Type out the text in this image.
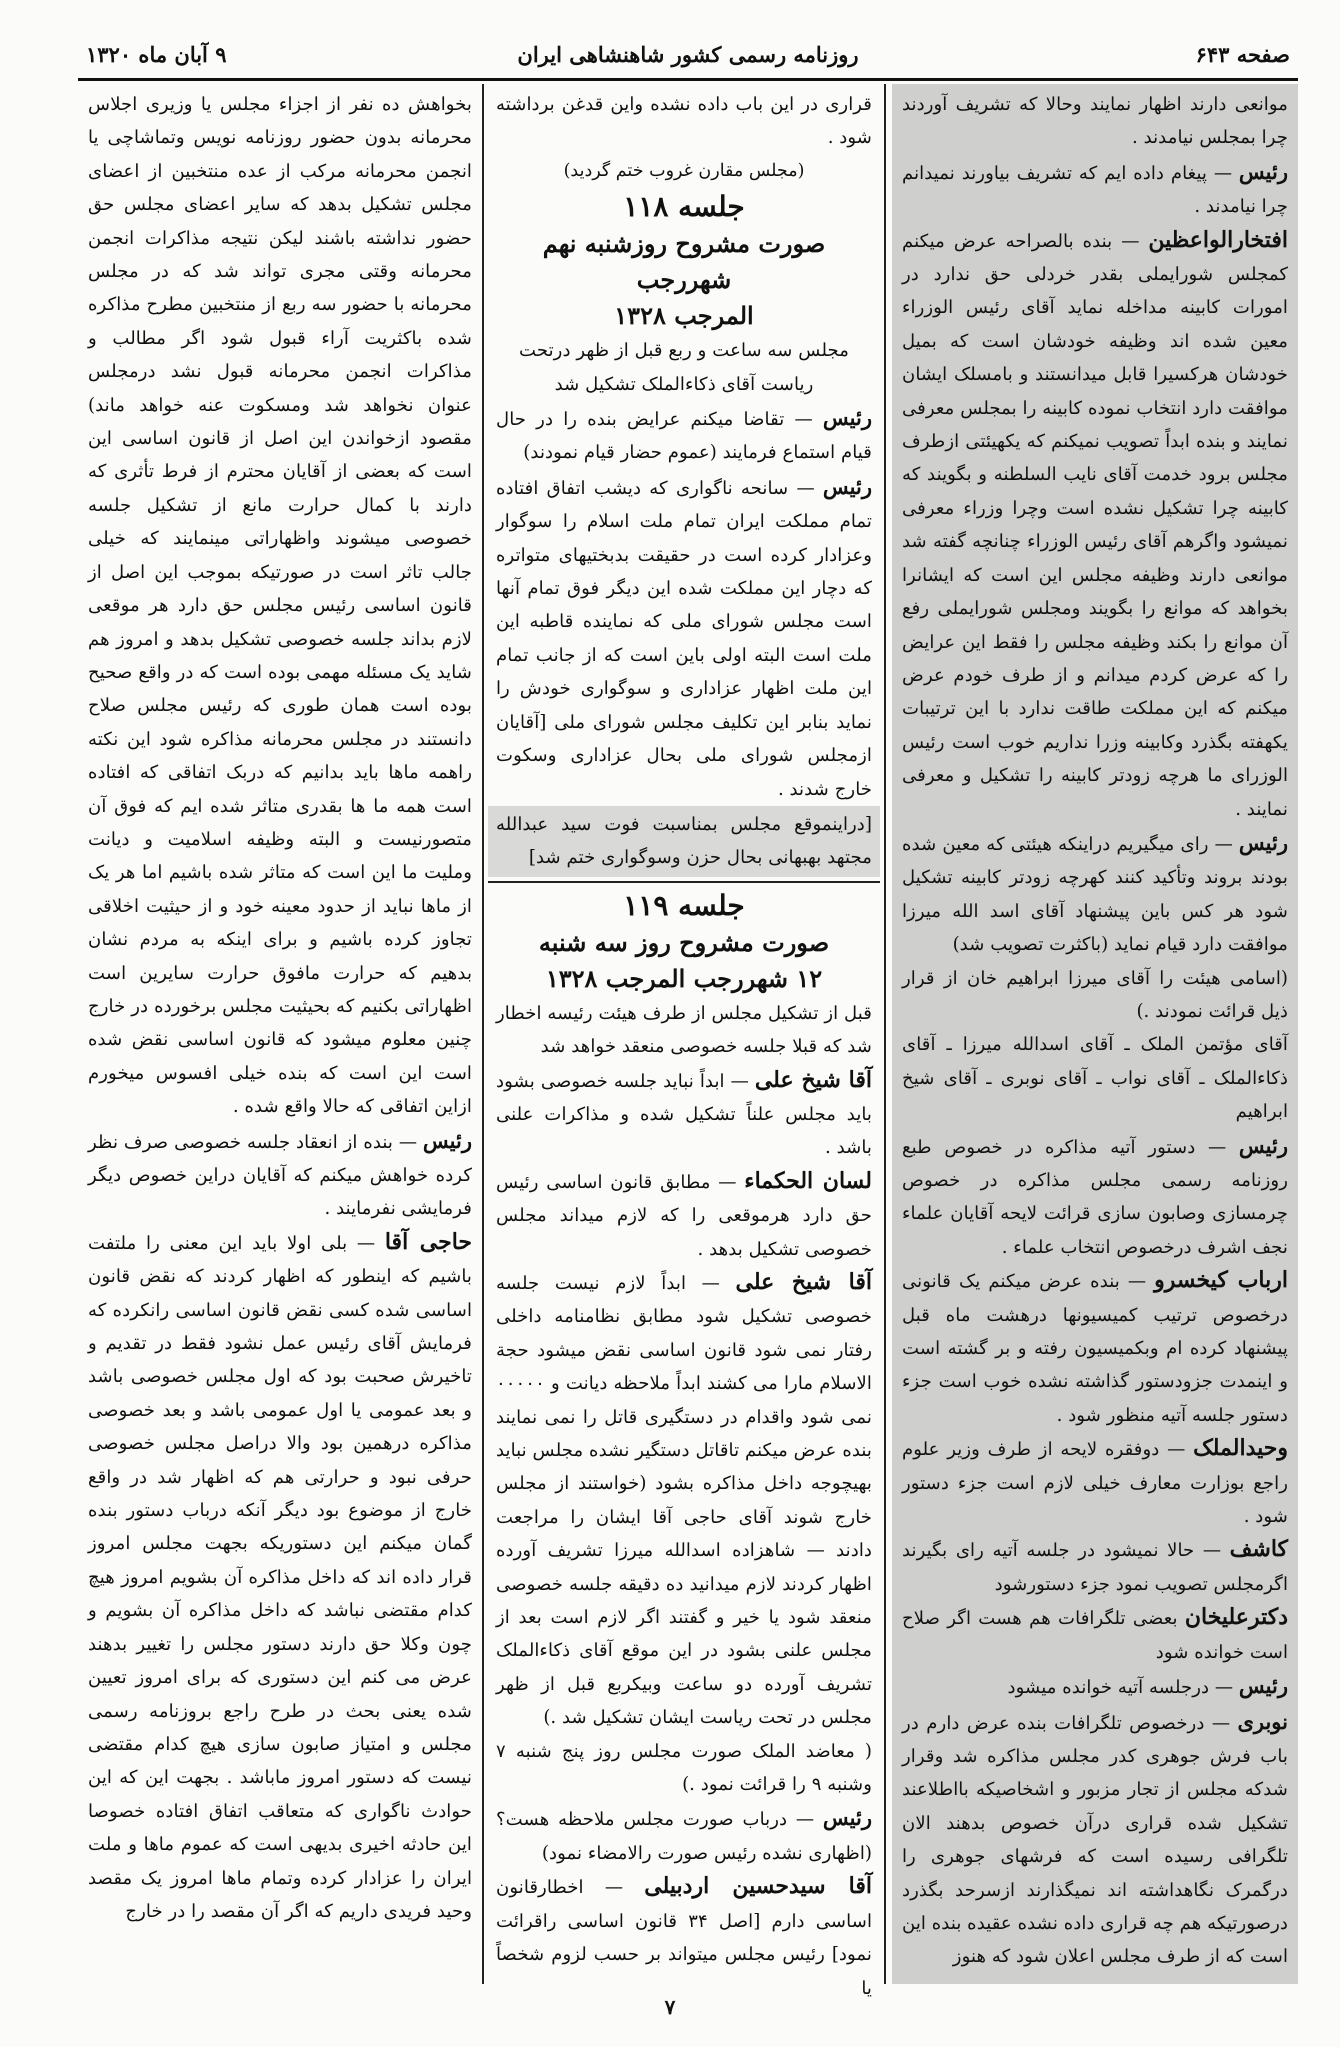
صفحه ۶۴۳
روزنامه رسمی کشور شاهنشاهی ایران
۹ آبان ماه ۱۳۲۰

موانعی دارند اظهار نمایند وحالا که تشریف آوردند چرا بمجلس نیامدند .

رئیس — پیغام داده ایم که تشریف بیاورند نمیدانم چرا نیامدند .

افتخارالواعظین — بنده بالصراحه عرض میکنم کمجلس شورایملی بقدر خردلی حق ندارد در امورات کابینه مداخله نماید آقای رئیس الوزراء معین شده اند وظیفه خودشان است که بمیل خودشان هرکسیرا قابل میدانستند و بامسلک ایشان موافقت دارد انتخاب نموده کابینه را بمجلس معرفی نمایند و بنده ابداً تصویب نمیکنم که یکهیئتی ازطرف مجلس برود خدمت آقای نایب السلطنه و بگویند که کابینه چرا تشکیل نشده است وچرا وزراء معرفی نمیشود واگرهم آقای رئیس الوزراء چنانچه گفته شد موانعی دارند وظیفه مجلس این است که ایشانرا بخواهد که موانع را بگویند ومجلس شورایملی رفع آن موانع را بکند وظیفه مجلس را فقط این عرایض را که عرض کردم میدانم و از طرف خودم عرض میکنم که این مملکت طاقت ندارد با این ترتیبات یکهفته بگذرد وکابینه وزرا نداریم خوب است رئیس الوزرای ما هرچه زودتر کابینه را تشکیل و معرفی نمایند .

رئیس — رای میگیریم دراینکه هیئتی که معین شده بودند بروند وتأکید کنند کهرچه زودتر کابینه تشکیل شود هر کس باین پیشنهاد آقای اسد الله میرزا موافقت دارد قیام نماید (باکثرت تصویب شد)

(اسامی هیئت را آقای میرزا ابراهیم خان از قرار ذیل قرائت نمودند .)

آقای مؤتمن الملک ـ آقای اسدالله میرزا ـ آقای ذکاءالملک ـ آقای نواب ـ آقای نوبری ـ آقای شیخ ابراهیم

رئیس — دستور آتیه مذاکره در خصوص طبع روزنامه رسمی مجلس مذاکره در خصوص چرمسازی وصابون سازی قرائت لایحه آقایان علماء نجف اشرف درخصوص انتخاب علماء .

ارباب کیخسرو — بنده عرض میکنم یک قانونی درخصوص ترتیب کمیسیونها درهشت ماه قبل پیشنهاد کرده ام وبکمیسیون رفته و بر گشته است و اینمدت جزودستور گذاشته نشده خوب است جزء دستور جلسه آتیه منظور شود .

وحیدالملک — دوفقره لایحه از طرف وزیر علوم راجع بوزارت معارف خیلی لازم است جزء دستور شود .

کاشف — حالا نمیشود در جلسه آتیه رای بگیرند اگرمجلس تصویب نمود جزء دستورشود

دکترعلیخان بعضی تلگرافات هم هست اگر صلاح است خوانده شود

رئیس — درجلسه آتیه خوانده میشود

نوبری — درخصوص تلگرافات بنده عرض دارم در باب فرش جوهری کدر مجلس مذاکره شد وقرار شدکه مجلس از تجار مزبور و اشخاصیکه بااطلاعند تشکیل شده قراری درآن خصوص بدهند الان تلگرافی رسیده است که فرشهای جوهری را درگمرک نگاهداشته اند نمیگذارند ازسرحد بگذرد درصورتیکه هم چه قراری داده نشده عقیده بنده این است که از طرف مجلس اعلان شود که هنوز

قراری در این باب داده نشده واین قدغن برداشته شود .

(مجلس مقارن غروب ختم گردید)

جلسه ۱۱۸

صورت مشروح روزشنبه نهم شهررجب

المرجب ۱۳۲۸

مجلس سه ساعت و ربع قبل از ظهر درتحت ریاست آقای ذکاءالملک تشکیل شد

رئیس — تقاضا میکنم عرایض بنده را در حال قیام استماع فرمایند (عموم حضار قیام نمودند)

رئیس — سانحه ناگواری که دیشب اتفاق افتاده تمام مملکت ایران تمام ملت اسلام را سوگوار وعزادار کرده است در حقیقت بدبختیهای متواتره که دچار این مملکت شده این دیگر فوق تمام آنها است مجلس شورای ملی که نماینده قاطبه این ملت است البته اولی باین است که از جانب تمام این ملت اظهار عزاداری و سوگواری خودش را نماید بنابر این تکلیف مجلس شورای ملی [آقایان ازمجلس شورای ملی بحال عزاداری وسکوت خارج شدند .

[دراینموقع مجلس بمناسبت فوت سید عبدالله مجتهد بهبهانی بحال حزن وسوگواری ختم شد]

جلسه ۱۱۹

صورت مشروح روز سه شنبه

۱۲ شهررجب المرجب ۱۳۲۸

قبل از تشکیل مجلس از طرف هیئت رئیسه اخطار شد که قبلا جلسه خصوصی منعقد خواهد شد

آقا شیخ علی — ابداً نباید جلسه خصوصی بشود باید مجلس علناً تشکیل شده و مذاکرات علنی باشد .

لسان الحکماء — مطابق قانون اساسی رئیس حق دارد هرموقعی را که لازم میداند مجلس خصوصی تشکیل بدهد .

آقا شیخ علی — ابداً لازم نیست جلسه خصوصی تشکیل شود مطابق نظامنامه داخلی رفتار نمی شود قانون اساسی نقض میشود حجة الاسلام مارا می کشند ابداً ملاحظه دیانت و ۰۰۰۰۰ نمی شود واقدام در دستگیری قاتل را نمی نمایند بنده عرض میکنم تاقاتل دستگیر نشده مجلس نباید بهیچوجه داخل مذاکره بشود (خواستند از مجلس خارج شوند آقای حاجی آقا ایشان را مراجعت دادند — شاهزاده اسدالله میرزا تشریف آورده اظهار کردند لازم میدانید ده دقیقه جلسه خصوصی منعقد شود یا خیر و گفتند اگر لازم است بعد از مجلس علنی بشود در این موقع آقای ذکاءالملک تشریف آورده دو ساعت وبیکربع قبل از ظهر مجلس در تحت ریاست ایشان تشکیل شد .)

( معاضد الملک صورت مجلس روز پنج شنبه ۷ وشنبه ۹ را قرائت نمود .)

رئیس — درباب صورت مجلس ملاحظه هست؟ (اظهاری نشده رئیس صورت رالامضاء نمود)

آقا سیدحسین اردبیلی — اخطارقانون اساسی دارم [اصل ۳۴ قانون اساسی راقرائت نمود] رئیس مجلس میتواند بر حسب لزوم شخصاً یا

بخواهش ده نفر از اجزاء مجلس یا وزیری اجلاس محرمانه بدون حضور روزنامه نویس وتماشاچی یا انجمن محرمانه مرکب از عده منتخبین از اعضای مجلس تشکیل بدهد که سایر اعضای مجلس حق حضور نداشته باشند لیکن نتیجه مذاکرات انجمن محرمانه وقتی مجری تواند شد که در مجلس محرمانه با حضور سه ربع از منتخبین مطرح مذاکره شده باکثریت آراء قبول شود اگر مطالب و مذاکرات انجمن محرمانه قبول نشد درمجلس عنوان نخواهد شد ومسکوت عنه خواهد ماند) مقصود ازخواندن این اصل از قانون اساسی این است که بعضی از آقایان محترم از فرط تأثری که دارند با کمال حرارت مانع از تشکیل جلسه خصوصی میشوند واظهاراتی مینمایند که خیلی جالب تاثر است در صورتیکه بموجب این اصل از قانون اساسی رئیس مجلس حق دارد هر موقعی لازم بداند جلسه خصوصی تشکیل بدهد و امروز هم شاید یک مسئله مهمی بوده است که در واقع صحیح بوده است همان طوری که رئیس مجلس صلاح دانستند در مجلس محرمانه مذاکره شود این نکته راهمه ماها باید بدانیم که دربک اتفاقی که افتاده است همه ما ها بقدری متاثر شده ایم که فوق آن متصورنیست و البته وظیفه اسلامیت و دیانت وملیت ما این است که متاثر شده باشیم اما هر یک از ماها نباید از حدود معینه خود و از حیثیت اخلاقی تجاوز کرده باشیم و برای اینکه به مردم نشان بدهیم که حرارت مافوق حرارت سایرین است اظهاراتی بکنیم که بحیثیت مجلس برخورده در خارج چنین معلوم میشود که قانون اساسی نقض شده است این است که بنده خیلی افسوس میخورم ازاین اتفاقی که حالا واقع شده .

رئیس — بنده از انعقاد جلسه خصوصی صرف نظر کرده خواهش میکنم که آقایان دراین خصوص دیگر فرمایشی نفرمایند .

حاجی آقا — بلی اولا باید این معنی را ملتفت باشیم که اینطور که اظهار کردند که نقض قانون اساسی شده کسی نقض قانون اساسی رانکرده که فرمایش آقای رئیس عمل نشود فقط در تقدیم و تاخیرش صحبت بود که اول مجلس خصوصی باشد و بعد عمومی یا اول عمومی باشد و بعد خصوصی مذاکره درهمین بود والا دراصل مجلس خصوصی حرفی نبود و حرارتی هم که اظهار شد در واقع خارج از موضوع بود دیگر آنکه درباب دستور بنده گمان میکنم این دستوریکه بجهت مجلس امروز قرار داده اند که داخل مذاکره آن بشویم امروز هیچ کدام مقتضی نباشد که داخل مذاکره آن بشویم و چون وکلا حق دارند دستور مجلس را تغییر بدهند عرض می کنم این دستوری که برای امروز تعیین شده یعنی بحث در طرح راجع بروزنامه رسمی مجلس و امتیاز صابون سازی هیچ کدام مقتضی نیست که دستور امروز ماباشد . بجهت این که این حوادث ناگواری که متعاقب اتفاق افتاده خصوصا این حادثه اخیری بدیهی است که عموم ماها و ملت ایران را عزادار کرده وتمام ماها امروز یک مقصد وحید فریدی داریم که اگر آن مقصد را در خارج

۷
